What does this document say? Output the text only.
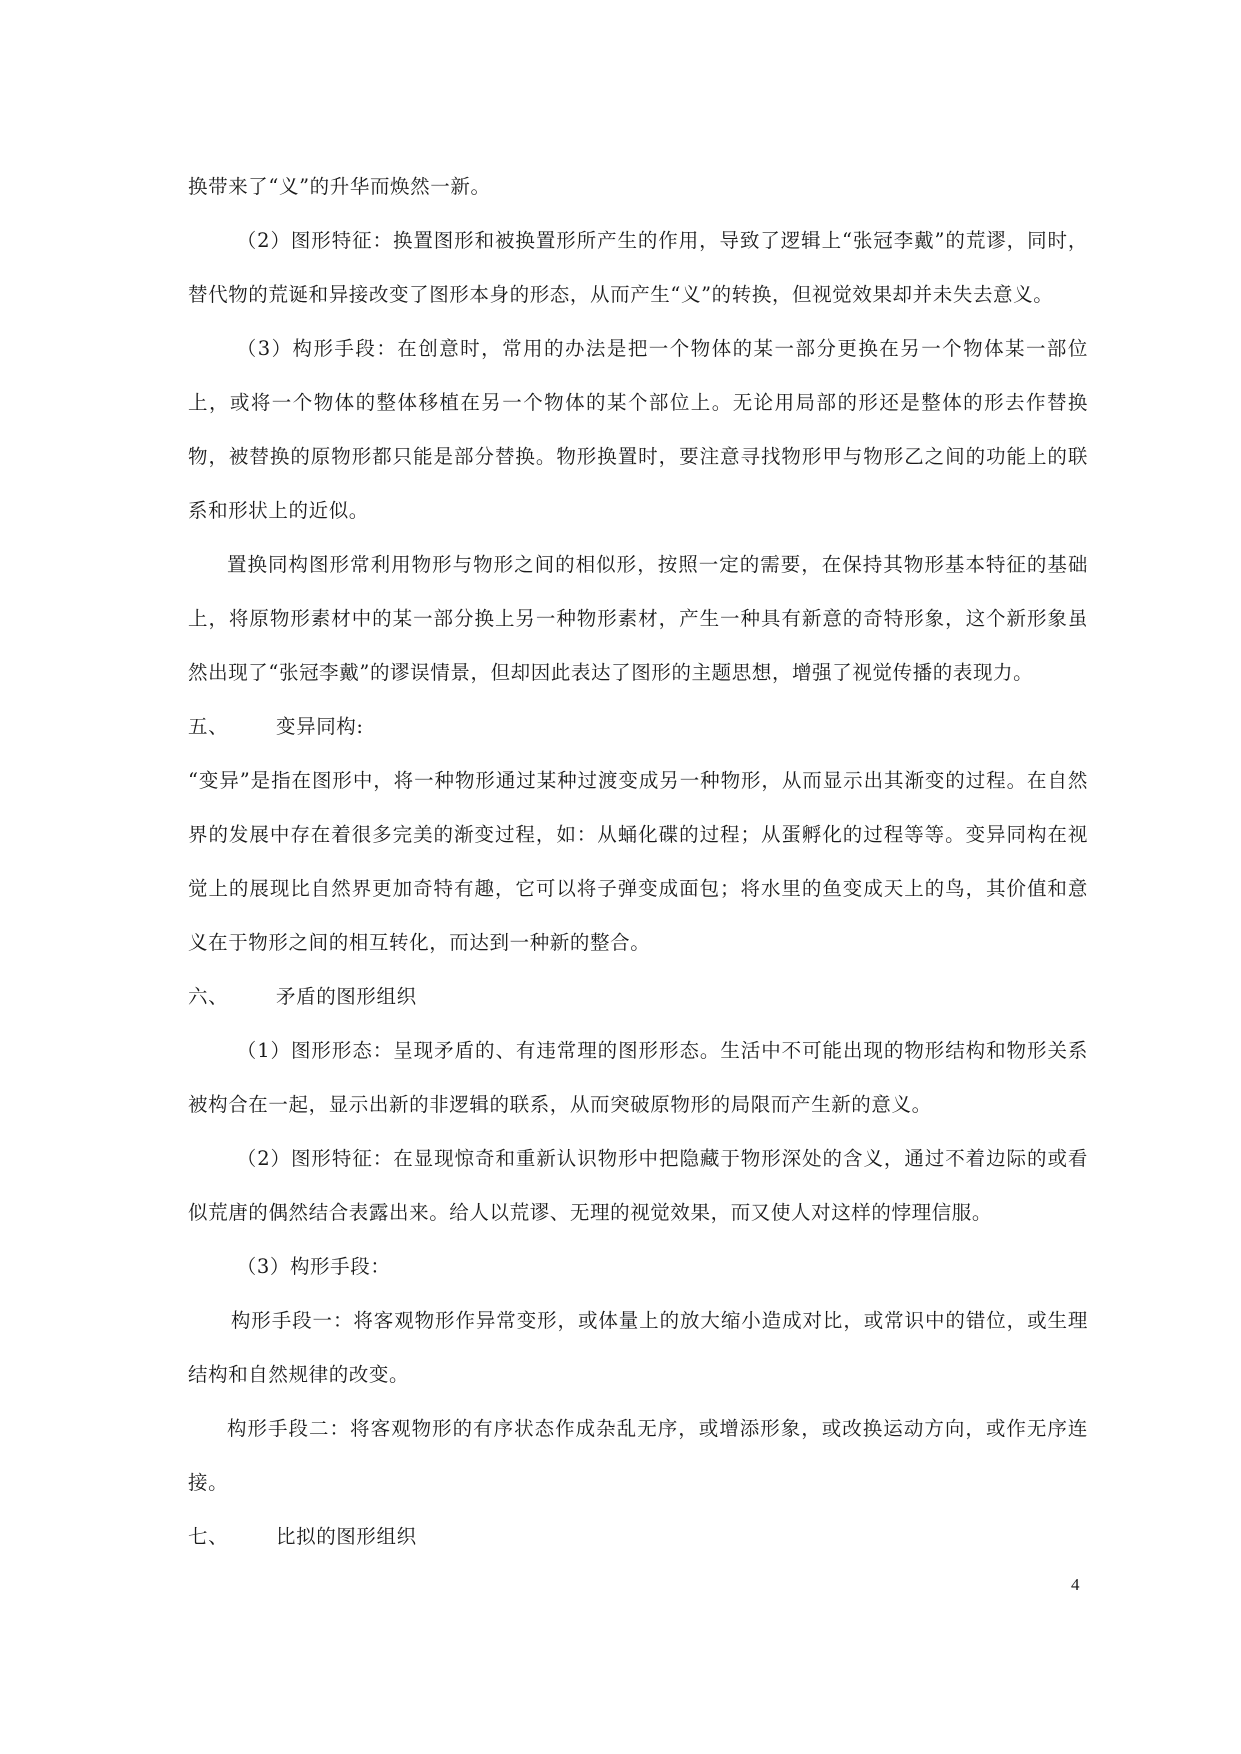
换带来了“义”的升华而焕然一新。

（2）图形特征：换置图形和被换置形所产生的作用，导致了逻辑上“张冠李戴”的荒谬，同时，替代物的荒诞和异接改变了图形本身的形态，从而产生“义”的转换，但视觉效果却并未失去意义。

（3）构形手段：在创意时，常用的办法是把一个物体的某一部分更换在另一个物体某一部位上，或将一个物体的整体移植在另一个物体的某个部位上。无论用局部的形还是整体的形去作替换物，被替换的原物形都只能是部分替换。物形换置时，要注意寻找物形甲与物形乙之间的功能上的联系和形状上的近似。

置换同构图形常利用物形与物形之间的相似形，按照一定的需要，在保持其物形基本特征的基础上，将原物形素材中的某一部分换上另一种物形素材，产生一种具有新意的奇特形象，这个新形象虽然出现了“张冠李戴”的谬误情景，但却因此表达了图形的主题思想，增强了视觉传播的表现力。

五、	变异同构:

“变异”是指在图形中，将一种物形通过某种过渡变成另一种物形，从而显示出其渐变的过程。在自然界的发展中存在着很多完美的渐变过程，如：从蛹化碟的过程；从蛋孵化的过程等等。变异同构在视觉上的展现比自然界更加奇特有趣，它可以将子弹变成面包；将水里的鱼变成天上的鸟，其价值和意义在于物形之间的相互转化，而达到一种新的整合。

六、	矛盾的图形组织

（1）图形形态：呈现矛盾的、有违常理的图形形态。生活中不可能出现的物形结构和物形关系被构合在一起，显示出新的非逻辑的联系，从而突破原物形的局限而产生新的意义。

（2）图形特征：在显现惊奇和重新认识物形中把隐藏于物形深处的含义，通过不着边际的或看似荒唐的偶然结合表露出来。给人以荒谬、无理的视觉效果，而又使人对这样的悖理信服。

（3）构形手段：

构形手段一：将客观物形作异常变形，或体量上的放大缩小造成对比，或常识中的错位，或生理结构和自然规律的改变。

构形手段二：将客观物形的有序状态作成杂乱无序，或增添形象，或改换运动方向，或作无序连接。

七、	比拟的图形组织

4
